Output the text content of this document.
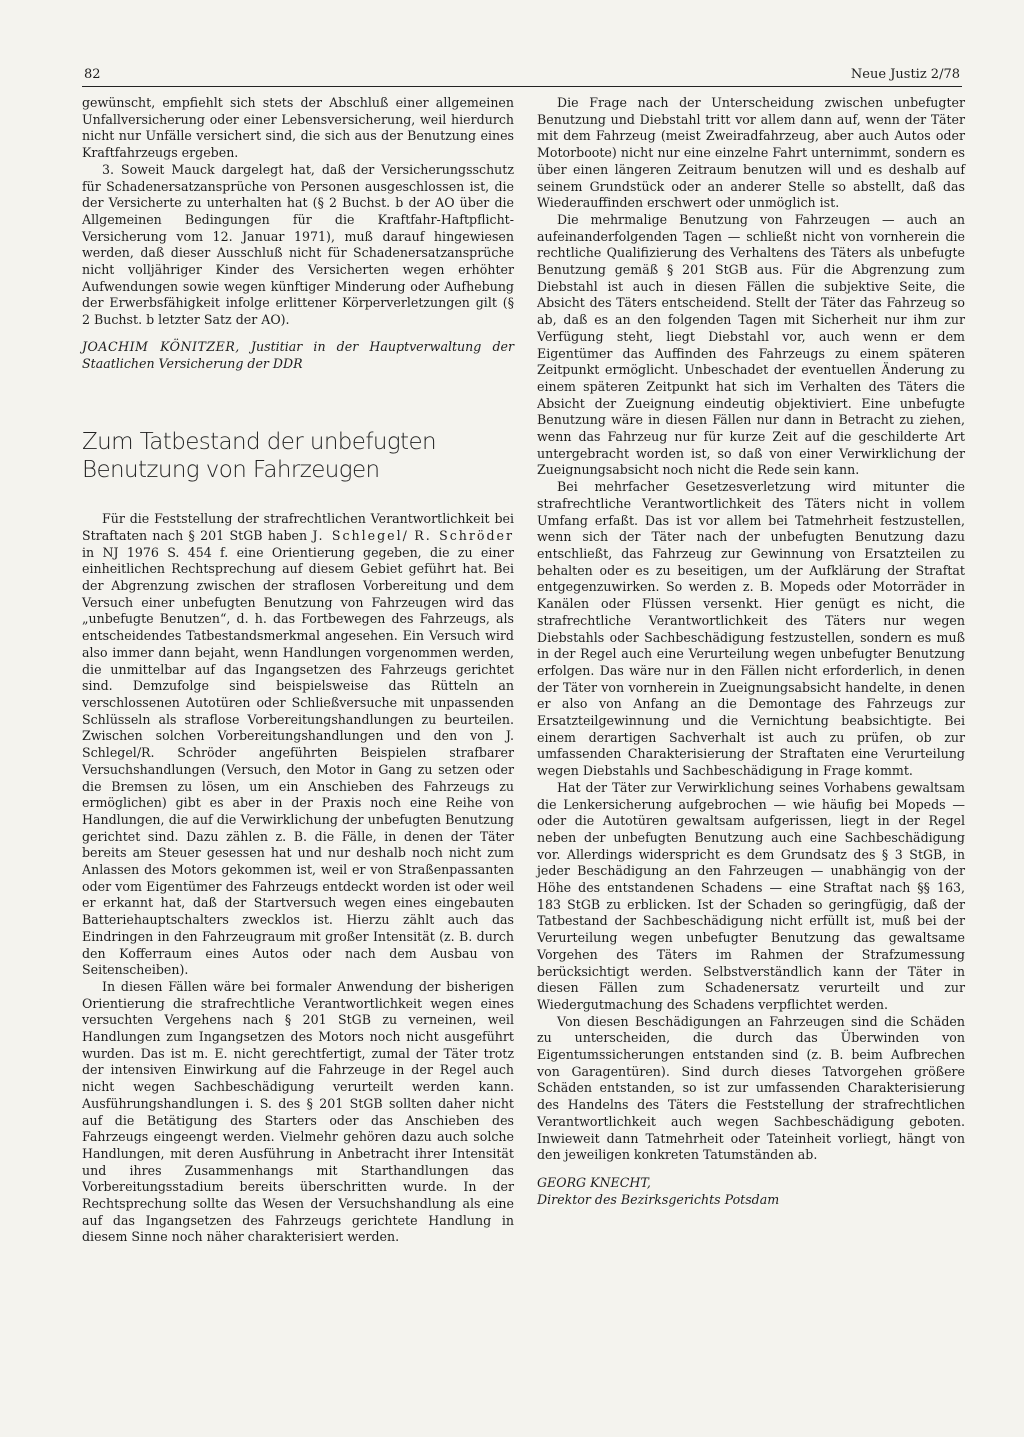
82	Neue Justiz 2/78

gewünscht, empfiehlt sich stets der Abschluß einer allgemeinen Unfallversicherung oder einer Lebensversicherung, weil hierdurch nicht nur Unfälle versichert sind, die sich aus der Benutzung eines Kraftfahrzeugs ergeben.

3. Soweit Mauck dargelegt hat, daß der Versicherungsschutz für Schadenersatzansprüche von Personen ausgeschlossen ist, die der Versicherte zu unterhalten hat (§ 2 Buchst. b der AO über die Allgemeinen Bedingungen für die Kraftfahr-Haftpflicht-Versicherung vom 12. Januar 1971), muß darauf hingewiesen werden, daß dieser Ausschluß nicht für Schadenersatzansprüche nicht volljähriger Kinder des Versicherten wegen erhöhter Aufwendungen sowie wegen künftiger Minderung oder Aufhebung der Erwerbsfähigkeit infolge erlittener Körperverletzungen gilt (§ 2 Buchst. b letzter Satz der AO).

JOACHIM KÖNITZER, Justitiar in der Hauptverwaltung der Staatlichen Versicherung der DDR

Zum Tatbestand der unbefugten Benutzung von Fahrzeugen

Für die Feststellung der strafrechtlichen Verantwortlichkeit bei Straftaten nach § 201 StGB haben J. Schlegel/ R. Schröder in NJ 1976 S. 454 f. eine Orientierung gegeben, die zu einer einheitlichen Rechtsprechung auf diesem Gebiet geführt hat. Bei der Abgrenzung zwischen der straflosen Vorbereitung und dem Versuch einer unbefugten Benutzung von Fahrzeugen wird das „unbefugte Benutzen“, d. h. das Fortbewegen des Fahrzeugs, als entscheidendes Tatbestandsmerkmal angesehen. Ein Versuch wird also immer dann bejaht, wenn Handlungen vorgenommen werden, die unmittelbar auf das Ingangsetzen des Fahrzeugs gerichtet sind. Demzufolge sind beispielsweise das Rütteln an verschlossenen Autotüren oder Schließversuche mit unpassenden Schlüsseln als straflose Vorbereitungshandlungen zu beurteilen. Zwischen solchen Vorbereitungshandlungen und den von J. Schlegel/R. Schröder angeführten Beispielen strafbarer Versuchshandlungen (Versuch, den Motor in Gang zu setzen oder die Bremsen zu lösen, um ein Anschieben des Fahrzeugs zu ermöglichen) gibt es aber in der Praxis noch eine Reihe von Handlungen, die auf die Verwirklichung der unbefugten Benutzung gerichtet sind. Dazu zählen z. B. die Fälle, in denen der Täter bereits am Steuer gesessen hat und nur deshalb noch nicht zum Anlassen des Motors gekommen ist, weil er von Straßenpassanten oder vom Eigentümer des Fahrzeugs entdeckt worden ist oder weil er erkannt hat, daß der Startversuch wegen eines eingebauten Batteriehauptschalters zwecklos ist. Hierzu zählt auch das Eindringen in den Fahrzeugraum mit großer Intensität (z. B. durch den Kofferraum eines Autos oder nach dem Ausbau von Seitenscheiben).

In diesen Fällen wäre bei formaler Anwendung der bisherigen Orientierung die strafrechtliche Verantwortlichkeit wegen eines versuchten Vergehens nach § 201 StGB zu verneinen, weil Handlungen zum Ingangsetzen des Motors noch nicht ausgeführt wurden. Das ist m. E. nicht gerechtfertigt, zumal der Täter trotz der intensiven Einwirkung auf die Fahrzeuge in der Regel auch nicht wegen Sachbeschädigung verurteilt werden kann. Ausführungshandlungen i. S. des § 201 StGB sollten daher nicht auf die Betätigung des Starters oder das Anschieben des Fahrzeugs eingeengt werden. Vielmehr gehören dazu auch solche Handlungen, mit deren Ausführung in Anbetracht ihrer Intensität und ihres Zusammenhangs mit Starthandlungen das Vorbereitungsstadium bereits überschritten wurde. In der Rechtsprechung sollte das Wesen der Versuchshandlung als eine auf das Ingangsetzen des Fahrzeugs gerichtete Handlung in diesem Sinne noch näher charakterisiert werden.

Die Frage nach der Unterscheidung zwischen unbefugter Benutzung und Diebstahl tritt vor allem dann auf, wenn der Täter mit dem Fahrzeug (meist Zweiradfahrzeug, aber auch Autos oder Motorboote) nicht nur eine einzelne Fahrt unternimmt, sondern es über einen längeren Zeitraum benutzen will und es deshalb auf seinem Grundstück oder an anderer Stelle so abstellt, daß das Wiederauffinden erschwert oder unmöglich ist.

Die mehrmalige Benutzung von Fahrzeugen — auch an aufeinanderfolgenden Tagen — schließt nicht von vornherein die rechtliche Qualifizierung des Verhaltens des Täters als unbefugte Benutzung gemäß § 201 StGB aus. Für die Abgrenzung zum Diebstahl ist auch in diesen Fällen die subjektive Seite, die Absicht des Täters entscheidend. Stellt der Täter das Fahrzeug so ab, daß es an den folgenden Tagen mit Sicherheit nur ihm zur Verfügung steht, liegt Diebstahl vor, auch wenn er dem Eigentümer das Auffinden des Fahrzeugs zu einem späteren Zeitpunkt ermöglicht. Unbeschadet der eventuellen Änderung zu einem späteren Zeitpunkt hat sich im Verhalten des Täters die Absicht der Zueignung eindeutig objektiviert. Eine unbefugte Benutzung wäre in diesen Fällen nur dann in Betracht zu ziehen, wenn das Fahrzeug nur für kurze Zeit auf die geschilderte Art untergebracht worden ist, so daß von einer Verwirklichung der Zueignungsabsicht noch nicht die Rede sein kann.

Bei mehrfacher Gesetzesverletzung wird mitunter die strafrechtliche Verantwortlichkeit des Täters nicht in vollem Umfang erfaßt. Das ist vor allem bei Tatmehrheit festzustellen, wenn sich der Täter nach der unbefugten Benutzung dazu entschließt, das Fahrzeug zur Gewinnung von Ersatzteilen zu behalten oder es zu beseitigen, um der Aufklärung der Straftat entgegenzuwirken. So werden z. B. Mopeds oder Motorräder in Kanälen oder Flüssen versenkt. Hier genügt es nicht, die strafrechtliche Verantwortlichkeit des Täters nur wegen Diebstahls oder Sachbeschädigung festzustellen, sondern es muß in der Regel auch eine Verurteilung wegen unbefugter Benutzung erfolgen. Das wäre nur in den Fällen nicht erforderlich, in denen der Täter von vornherein in Zueignungsabsicht handelte, in denen er also von Anfang an die Demontage des Fahrzeugs zur Ersatzteilgewinnung und die Vernichtung beabsichtigte. Bei einem derartigen Sachverhalt ist auch zu prüfen, ob zur umfassenden Charakterisierung der Straftaten eine Verurteilung wegen Diebstahls und Sachbeschädigung in Frage kommt.

Hat der Täter zur Verwirklichung seines Vorhabens gewaltsam die Lenkersicherung aufgebrochen — wie häufig bei Mopeds — oder die Autotüren gewaltsam aufgerissen, liegt in der Regel neben der unbefugten Benutzung auch eine Sachbeschädigung vor. Allerdings widerspricht es dem Grundsatz des § 3 StGB, in jeder Beschädigung an den Fahrzeugen — unabhängig von der Höhe des entstandenen Schadens — eine Straftat nach §§ 163, 183 StGB zu erblicken. Ist der Schaden so geringfügig, daß der Tatbestand der Sachbeschädigung nicht erfüllt ist, muß bei der Verurteilung wegen unbefugter Benutzung das gewaltsame Vorgehen des Täters im Rahmen der Strafzumessung berücksichtigt werden. Selbstverständlich kann der Täter in diesen Fällen zum Schadenersatz verurteilt und zur Wiedergutmachung des Schadens verpflichtet werden.

Von diesen Beschädigungen an Fahrzeugen sind die Schäden zu unterscheiden, die durch das Überwinden von Eigentumssicherungen entstanden sind (z. B. beim Aufbrechen von Garagentüren). Sind durch dieses Tatvorgehen größere Schäden entstanden, so ist zur umfassenden Charakterisierung des Handelns des Täters die Feststellung der strafrechtlichen Verantwortlichkeit auch wegen Sachbeschädigung geboten. Inwieweit dann Tatmehrheit oder Tateinheit vorliegt, hängt von den jeweiligen konkreten Tatumständen ab.

GEORG KNECHT,
Direktor des Bezirksgerichts Potsdam
